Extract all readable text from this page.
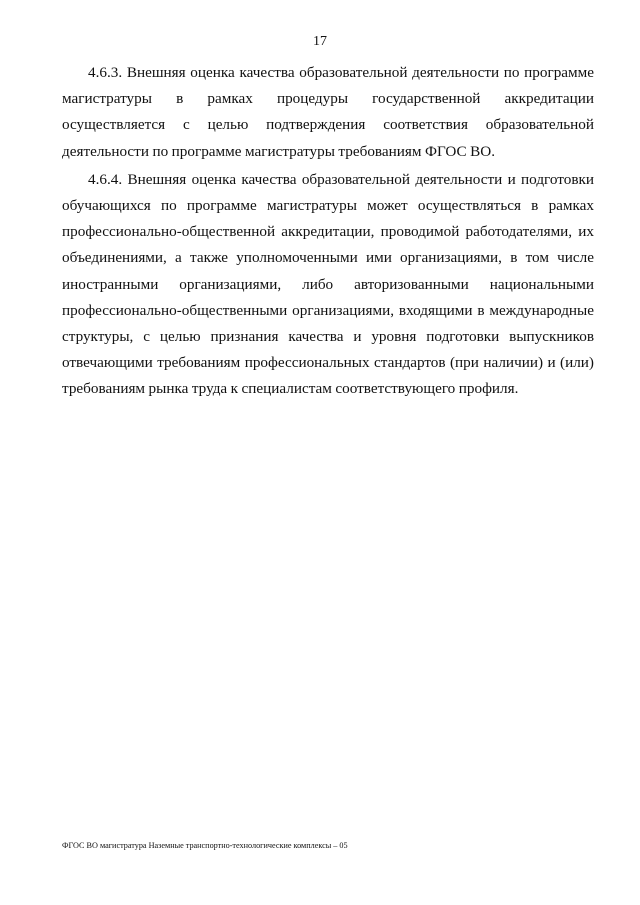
17

4.6.3. Внешняя оценка качества образовательной деятельности по программе магистратуры в рамках процедуры государственной аккредитации осуществляется с целью подтверждения соответствия образовательной деятельности по программе магистратуры требованиям ФГОС ВО.

4.6.4. Внешняя оценка качества образовательной деятельности и подготовки обучающихся по программе магистратуры может осуществляться в рамках профессионально-общественной аккредитации, проводимой работодателями, их объединениями, а также уполномоченными ими организациями, в том числе иностранными организациями, либо авторизованными национальными профессионально-общественными организациями, входящими в международные структуры, с целью признания качества и уровня подготовки выпускников отвечающими требованиям профессиональных стандартов (при наличии) и (или) требованиям рынка труда к специалистам соответствующего профиля.

ФГОС ВО магистратура Наземные транспортно-технологические комплексы – 05
